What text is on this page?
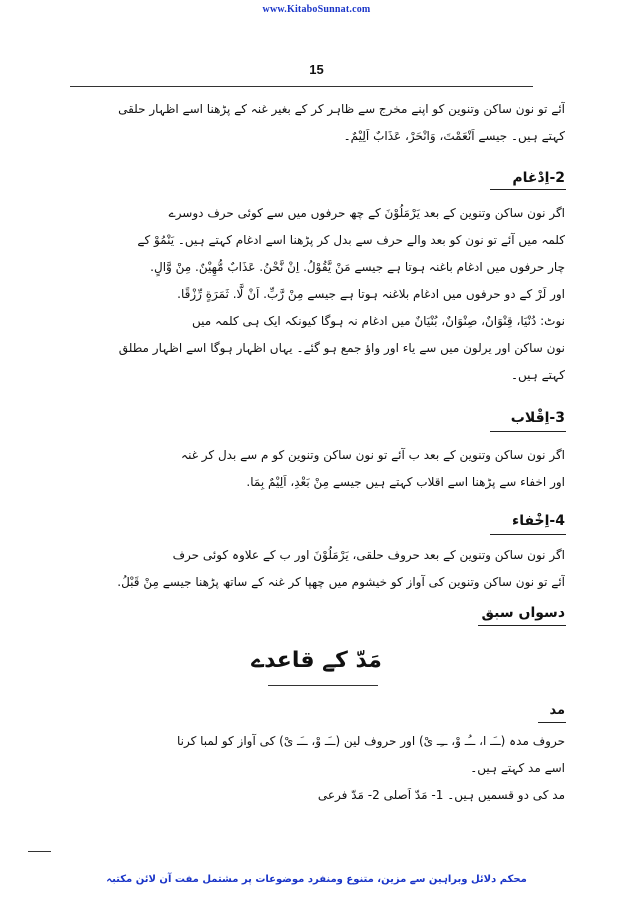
www.KitaboSunnat.com
15
آئے تو نون ساکن وتنوین کو اپنے مخرج سے ظاہر کر کے بغیر غنہ کے پڑھنا اسے اظہار حلقی
کہتے ہیں۔ جیسے اَنْعَمْتَ، وَانْحَرْ، عَذَابٌ اَلِيْمٌ۔
2-اِدْغام
اگر نون ساکن وتنوین کے بعد يَرْمَلُوْنَ کے چھ حرفوں میں سے کوئی حرف دوسرے
کلمہ میں آئے تو نون کو بعد والے حرف سے بدل کر پڑھنا اسے ادغام کہتے ہیں۔ يَنْمُوْ کے
چار حرفوں میں ادغام باغنہ ہوتا ہے جیسے مَنْ يَّقُوْلُ. اِنْ نَّحْنُ. عَذَابٌ مُّهِيْنٌ. مِنْ وَّالٍ.
اور لَرْ کے دو حرفوں میں ادغام بلاغنہ ہوتا ہے جیسے مِنْ رَّبِّ. اَنْ لَّا. ثَمَرَةٍ رِّزْقًا.
نوٹ: دُنْيَا، قِنْوَانٌ، صِنْوَانٌ، بُنْيَانٌ میں ادغام نہ ہوگا کیونکہ ایک ہی کلمہ میں
نون ساکن اور یرلون میں سے یاء اور واؤ جمع ہو گئے۔ یہاں اظہار ہوگا اسے اظہار مطلق
کہتے ہیں۔
3-اِقْلاب
اگر نون ساکن وتنوین کے بعد ب آئے تو نون ساکن وتنوین کو م سے بدل کر غنہ
اور اخفاء سے پڑھنا اسے اقلاب کہتے ہیں جیسے مِنْ بَعْدِ، اَلِيْمٌ بِمَا.
4-اِخْفاء
اگر نون ساکن وتنوین کے بعد حروف حلقی، يَرْمَلُوْنَ اور ب کے علاوہ کوئی حرف
آئے تو نون ساکن وتنوین کی آواز کو خیشوم میں چھپا کر غنہ کے ساتھ پڑھنا جیسے مِنْ قَبْلُ.
دسواں سبق
مَدّ کے قاعدے
مد
حروف مدہ (ــَـ ا، ــُـ وْ، ــِـ یْ) اور حروف لین (ــَـ وْ، ــَـ یْ) کی آواز کو لمبا کرنا
اسے مد کہتے ہیں۔
مد کی دو قسمیں ہیں۔ 1- مَدّ اَصلی 2- مَدّ فرعی
محکم دلائل وبراہین سے مزین، متنوع ومنفرد موضوعات پر مشتمل مفت آن لائن مکتبہ
